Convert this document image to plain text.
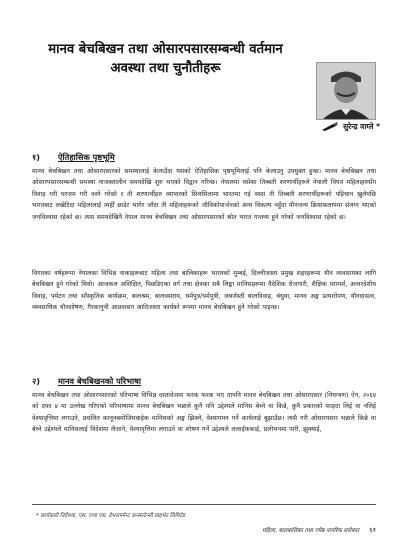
मानव बेचबिखन तथा ओसारपसारसम्बन्धी वर्तमान
अवस्था तथा चुनौतीहरू
सुरेन्द्र वाग्ले *
१) ऐतिहासिक पृष्ठभूमि

मानव बेचबिखन तथा ओसारपसारको समस्यालाई केलाउँदा यसको ऐतिहासिक पृष्ठभूमिलाई पनि केलाउनु उपयुक्त हुन्छ। मानव बेचबिखन तथा ओसारपसारसम्बन्धी समस्या नाजक्तालीन समयदेखि शुरु भएको विद्वान गरिन्छ। नेपालमा वसेका तिब्बती शरणार्थीहरुले नेपाली विपत्र महिलाहरुसँग विवाह गरी घरजम गरी वस्ने गरेको र ती शरणार्थीहरु व्यापारको सिलसिलामा भारतमा गई वस्दा ती तिब्बती शरणार्थीहरूको पहिचान खुलेपछि भारतबाट लखेटिदा महिलालाई त्यहीँ छाडेर भागेर जाँदा ती महिलाहरूको जीविकोपार्जनको अन्य विकल्प नहुँदा यौनजन्य क्रियाकलापमा संलग्न भएको जनविश्वास रहेको छ। त्यस समयदेखिनै नेपाल मानव बेचबिखन तथा ओसारपसारको स्रोत भारत गन्तव्य हुने गरेको जनविश्वास रहेको छ।

विगतका वर्षहरूमा नेपालका विभिन्न नाकाहरूबाट महिला तथा बालिकाहरू भारतको मुम्बई, दिल्लीजस्ता प्रमुख शहरहरूमा यौन व्यवसायका लागि बेचबिखन हुने गरेको थियो। आजकल अशिक्षित, पिछडिएका वर्ग तथा क्षेत्रका सबै लिङ्का मानिसहरूमा वैदेशिक रोजगारी, शैक्षिक परामर्श, अन्तरदेशीय विवाह, पर्यटन तथा साँस्कृतिक कार्यक्रम, बालश्रम, बालवसराय, धर्मपुत्र/धर्मपुत्री, जबर्जस्ती बालविवाह, बंधुवा, मानव अङ्ग प्रत्यारोपण, यौनदासत्व, व्यवसायिक यौनशोषण, गैरकानुनी आप्रवासन आदिजस्ता कार्यको रूपमा मानव बेचबिखन हुने गरेको पाइन्छ।

२) मानव बेचबिखनको परिभाषा

मानव बेचबिखन तथा ओसारपसारको परिभाषा विभिन्न दस्तावेजमा फरक फरक भए तापनि मानव बेचबिखन तथा ओसारपसार (नियन्त्रण) ऐन, २०६४ को दफा ४ मा उल्लेख गरिएको परिभाषामा मानव बेचबिखन भन्नाले कुनै पनि उद्देश्यले मानिस बेच्ने वा किन्ने, कुनै प्रकारको फाइदा लिई वा नलिई वेश्यावृत्तिमा लगाउने, प्रचलित कानूनबमोजिमबाहेक मानिसको अङ्ग झिक्ने, वेश्यागमन गर्ने कार्यलाई बुझाउँछ। त्यसै गरी ओसारपसार भन्नाले किन्ने वा बेच्ने उद्देश्यले मानिसलाई विदेशमा लैजाने, वेश्यावृत्तिमा लगाउने वा शोषण गर्ने उद्देश्यले ललाईफकाई, प्रलोभनमा पारी, झुक्याई,

* कार्यकारी निर्देशक, एस. एण्ड एस. डेभलपमेन्ट कन्सल्टेन्सी प्राइभेट लिमिटेड
महिला, बालबालिका तथा ज्येष्ठ नागरिक सरोकार ६१
